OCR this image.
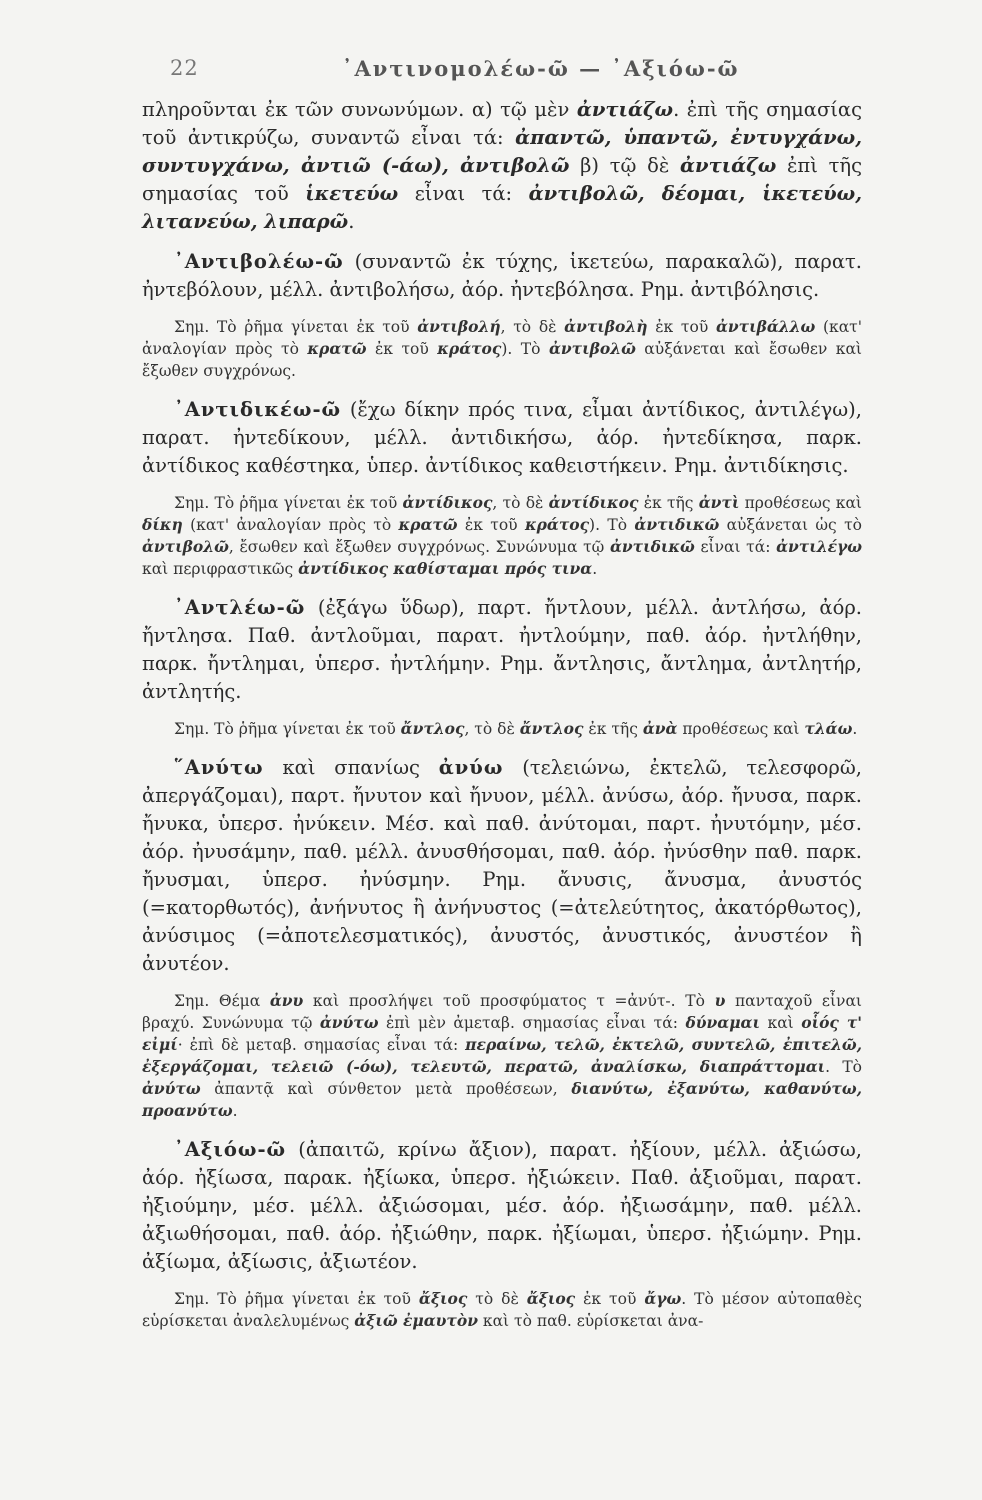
22	᾿Αντινομολέω-ῶ — ᾿Αξιόω-ῶ

πληροῦνται ἐκ τῶν συνωνύμων. α) τῷ μὲν ἀντιάζω. ἐπὶ τῆς σημασίας τοῦ ἀντικρύζω, συναντῶ εἶναι τά: ἀπαντῶ, ὑπαντῶ, ἐντυγχάνω, συντυγχάνω, ἀντιῶ (-άω), ἀντιβολῶ β) τῷ δὲ ἀντιάζω ἐπὶ τῆς σημασίας τοῦ ἱκετεύω εἶναι τά: ἀντιβολῶ, δέομαι, ἱκετεύω, λιτανεύω, λιπαρῶ.

᾿Αντιβολέω-ῶ (συναντῶ ἐκ τύχης, ἱκετεύω, παρακαλῶ), παρατ. ἠντεβόλουν, μέλλ. ἀντιβολήσω, ἀόρ. ἠντεβόλησα. Ρημ. ἀντιβόλησις.

Σημ. Τὸ ῥῆμα γίνεται ἐκ τοῦ ἀντιβολή, τὸ δὲ ἀντιβολὴ ἐκ τοῦ ἀντιβάλλω (κατ' ἀναλογίαν πρὸς τὸ κρατῶ ἐκ τοῦ κράτος). Τὸ ἀντιβολῶ αὐξάνεται καὶ ἔσωθεν καὶ ἔξωθεν συγχρόνως.

᾿Αντιδικέω-ῶ (ἔχω δίκην πρός τινα, εἶμαι ἀντίδικος, ἀντιλέγω), παρατ. ἠντεδίκουν, μέλλ. ἀντιδικήσω, ἀόρ. ἠντεδίκησα, παρκ. ἀντίδικος καθέστηκα, ὑπερ. ἀντίδικος καθειστήκειν. Ρημ. ἀντιδίκησις.

Σημ. Τὸ ῥῆμα γίνεται ἐκ τοῦ ἀντίδικος, τὸ δὲ ἀντίδικος ἐκ τῆς ἀντὶ προθέσεως καὶ δίκη (κατ' ἀναλογίαν πρὸς τὸ κρατῶ ἐκ τοῦ κράτος). Τὸ ἀντιδικῶ αὐξάνεται ὡς τὸ ἀντιβολῶ, ἔσωθεν καὶ ἔξωθεν συγχρόνως. Συνώνυμα τῷ ἀντιδικῶ εἶναι τά: ἀντιλέγω καὶ περιφραστικῶς ἀντίδικος καθίσταμαι πρός τινα.

᾿Αντλέω-ῶ (ἐξάγω ὕδωρ), παρτ. ἤντλουν, μέλλ. ἀντλήσω, ἀόρ. ἤντλησα. Παθ. ἀντλοῦμαι, παρατ. ἠντλούμην, παθ. ἀόρ. ἠντλήθην, παρκ. ἤντλημαι, ὑπερσ. ἠντλήμην. Ρημ. ἄντλησις, ἄντλημα, ἀντλητήρ, ἀντλητής.

Σημ. Τὸ ῥῆμα γίνεται ἐκ τοῦ ἄντλος, τὸ δὲ ἄντλος ἐκ τῆς ἀνὰ προθέσεως καὶ τλάω.

῞Ανύτω καὶ σπανίως ἀνύω (τελειώνω, ἐκτελῶ, τελεσφορῶ, ἀπεργάζομαι), παρτ. ἤνυτον καὶ ἤνυον, μέλλ. ἀνύσω, ἀόρ. ἤνυσα, παρκ. ἤνυκα, ὑπερσ. ἠνύκειν. Μέσ. καὶ παθ. ἀνύτομαι, παρτ. ἠνυτόμην, μέσ. ἀόρ. ἠνυσάμην, παθ. μέλλ. ἀνυσθήσομαι, παθ. ἀόρ. ἠνύσθην παθ. παρκ. ἤνυσμαι, ὑπερσ. ἠνύσμην. Ρημ. ἄνυσις, ἄνυσμα, ἀνυστός (=κατορθωτός), ἀνήνυτος ἢ ἀνήνυστος (=ἀτελεύτητος, ἀκατόρθωτος), ἀνύσιμος (=ἀποτελεσματικός), ἀνυστός, ἀνυστικός, ἀνυστέον ἢ ἀνυτέον.

Σημ. Θέμα ἀνυ καὶ προσλήψει τοῦ προσφύματος τ =ἀνύτ-. Τὸ υ πανταχοῦ εἶναι βραχύ. Συνώνυμα τῷ ἀνύτω ἐπὶ μὲν ἀμεταβ. σημασίας εἶναι τά: δύναμαι καὶ οἷός τ' εἰμί· ἐπὶ δὲ μεταβ. σημασίας εἶναι τά: περαίνω, τελῶ, ἐκτελῶ, συντελῶ, ἐπιτελῶ, ἐξεργάζομαι, τελειῶ (-όω), τελευτῶ, περατῶ, ἀναλίσκω, διαπράττομαι. Τὸ ἀνύτω ἀπαντᾷ καὶ σύνθετον μετὰ προθέσεων, διανύτω, ἐξανύτω, καθανύτω, προανύτω.

᾿Αξιόω-ῶ (ἀπαιτῶ, κρίνω ἄξιον), παρατ. ἠξίουν, μέλλ. ἀξιώσω, ἀόρ. ἠξίωσα, παρακ. ἠξίωκα, ὑπερσ. ἠξιώκειν. Παθ. ἀξιοῦμαι, παρατ. ἠξιούμην, μέσ. μέλλ. ἀξιώσομαι, μέσ. ἀόρ. ἠξιωσάμην, παθ. μέλλ. ἀξιωθήσομαι, παθ. ἀόρ. ἠξιώθην, παρκ. ἠξίωμαι, ὑπερσ. ἠξιώμην. Ρημ. ἀξίωμα, ἀξίωσις, ἀξιωτέον.

Σημ. Τὸ ῥῆμα γίνεται ἐκ τοῦ ἄξιος τὸ δὲ ἄξιος ἐκ τοῦ ἄγω. Τὸ μέσον αὐτοπαθὲς εὑρίσκεται ἀναλελυμένως ἀξιῶ ἐμαυτὸν καὶ τὸ παθ. εὑρίσκεται ἀνα-
